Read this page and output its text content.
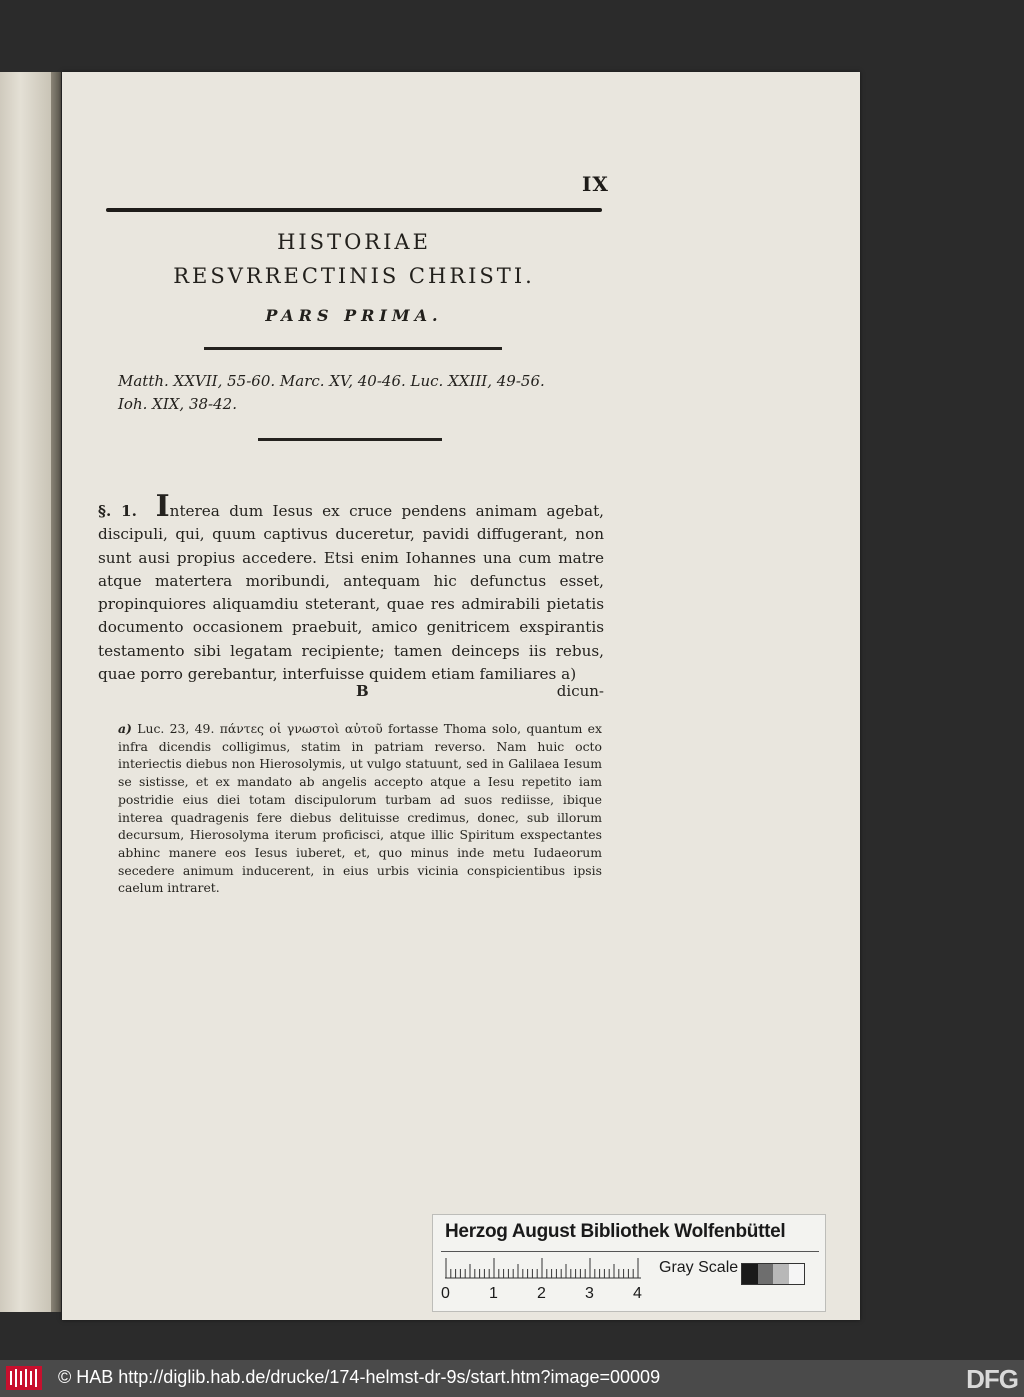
IX
HISTORIAE
RESVRRECTINIS CHRISTI.
PARS PRIMA.
Matth. XXVII, 55-60. Marc. XV, 40-46. Luc. XXIII, 49-56.
Ioh. XIX, 38-42.
§. 1. Interea dum Iesus ex cruce pendens animam agebat, discipuli, qui, quum captivus duceretur, pavidi diffugerant, non sunt ausi propius accedere. Etsi enim Iohannes una cum matre atque matertera moribundi, antequam hic defunctus esset, propinquiores aliquamdiu steterant, quae res admirabili pietatis documento occasionem praebuit, amico genitricem exspirantis testamento sibi legatam recipiente; tamen deinceps iis rebus, quae porro gerebantur, interfuisse quidem etiam familiares a)
B	dicun-
a) Luc. 23, 49. πάντες οἱ γνωστοὶ αὐτοῦ fortasse Thoma solo, quantum ex infra dicendis colligimus, statim in patriam reverso. Nam huic octo interiectis diebus non Hierosolymis, ut vulgo statuunt, sed in Galilaea Iesum se sistisse, et ex mandato ab angelis accepto atque a Iesu repetito iam postridie eius diei totam discipulorum turbam ad suos rediisse, ibique interea quadragenis fere diebus delituisse credimus, donec, sub illorum decursum, Hierosolyma iterum proficisci, atque illic Spiritum exspectantes abhinc manere eos Iesus iuberet, et, quo minus inde metu Iudaeorum secedere animum inducerent, in eius urbis vicinia conspicientibus ipsis caelum intraret.
Herzog August Bibliothek Wolfenbüttel
0 1 2 3 4
Gray Scale
© HAB http://diglib.hab.de/drucke/174-helmst-dr-9s/start.htm?image=00009	DFG
